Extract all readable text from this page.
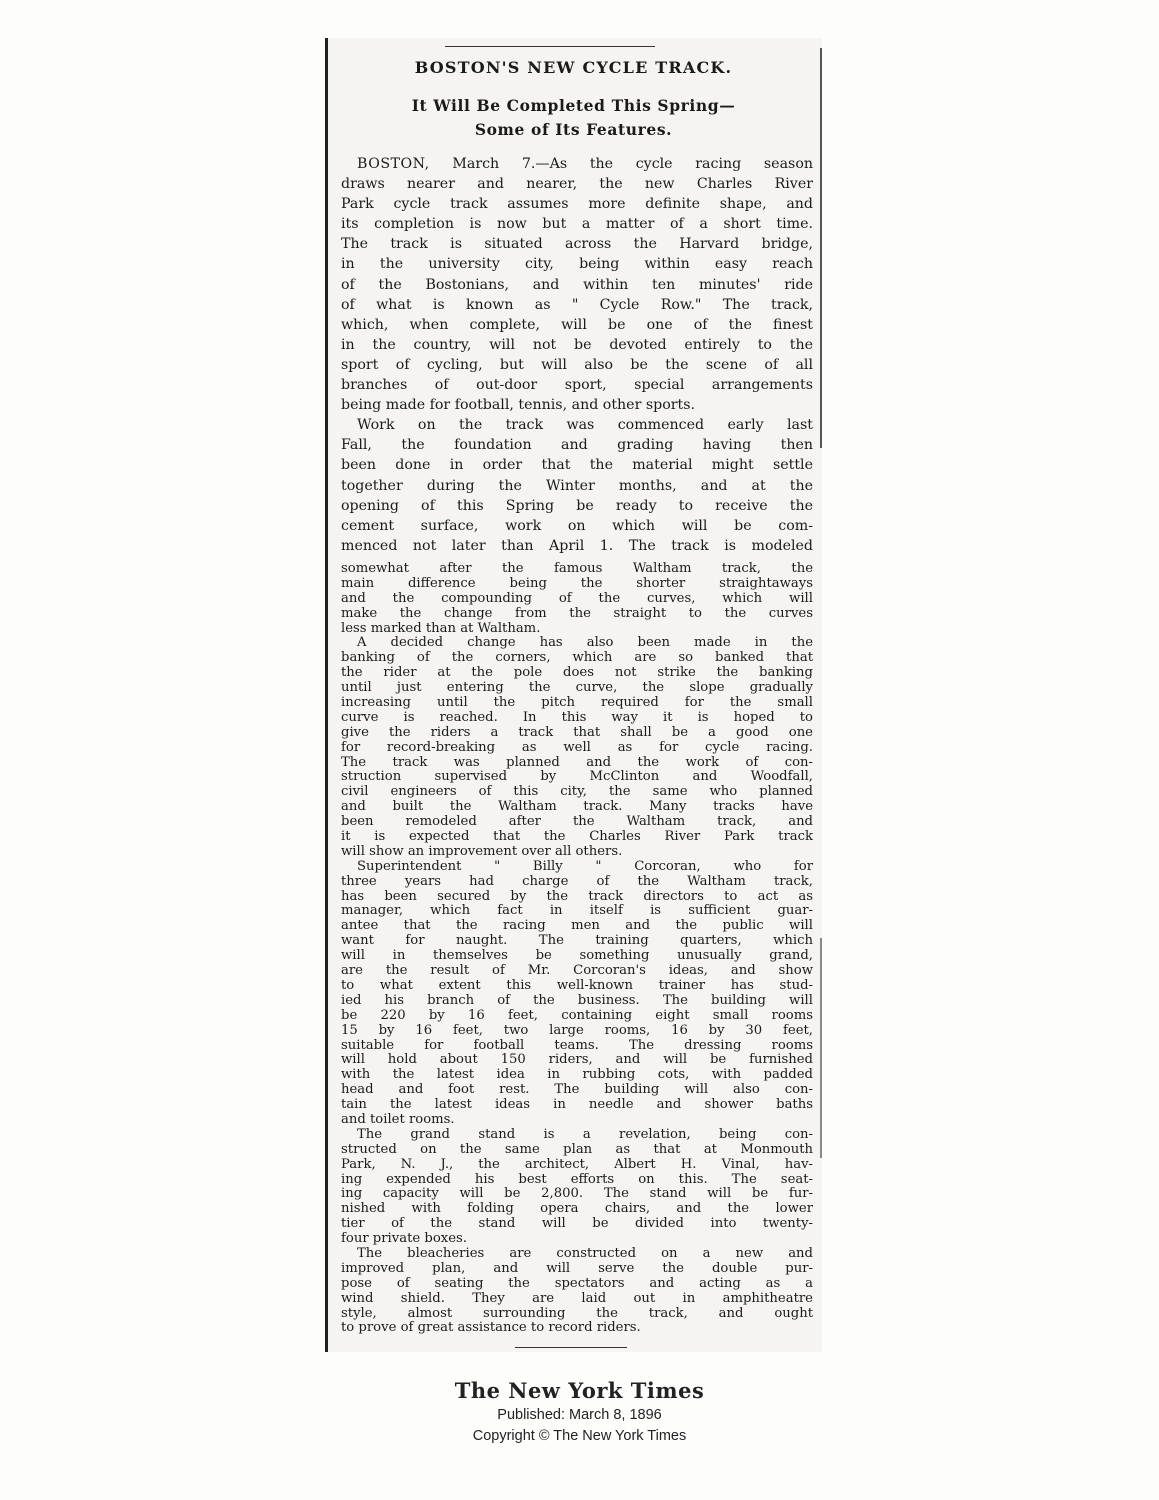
BOSTON'S NEW CYCLE TRACK.
It Will Be Completed This Spring—
Some of Its Features.
BOSTON, March 7.—As the cycle racing season
draws nearer and nearer, the new Charles River
Park cycle track assumes more definite shape, and
its completion is now but a matter of a short time.
The track is situated across the Harvard bridge,
in the university city, being within easy reach
of the Bostonians, and within ten minutes' ride
of what is known as " Cycle Row." The track,
which, when complete, will be one of the finest
in the country, will not be devoted entirely to the
sport of cycling, but will also be the scene of all
branches of out-door sport, special arrangements
being made for football, tennis, and other sports.
Work on the track was commenced early last
Fall, the foundation and grading having then
been done in order that the material might settle
together during the Winter months, and at the
opening of this Spring be ready to receive the
cement surface, work on which will be com-
menced not later than April 1. The track is modeled
somewhat after the famous Waltham track, the
main difference being the shorter straightaways
and the compounding of the curves, which will
make the change from the straight to the curves
less marked than at Waltham.
A decided change has also been made in the
banking of the corners, which are so banked that
the rider at the pole does not strike the banking
until just entering the curve, the slope gradually
increasing until the pitch required for the small
curve is reached. In this way it is hoped to
give the riders a track that shall be a good one
for record-breaking as well as for cycle racing.
The track was planned and the work of con-
struction supervised by McClinton and Woodfall,
civil engineers of this city, the same who planned
and built the Waltham track. Many tracks have
been remodeled after the Waltham track, and
it is expected that the Charles River Park track
will show an improvement over all others.
Superintendent " Billy " Corcoran, who for
three years had charge of the Waltham track,
has been secured by the track directors to act as
manager, which fact in itself is sufficient guar-
antee that the racing men and the public will
want for naught. The training quarters, which
will in themselves be something unusually grand,
are the result of Mr. Corcoran's ideas, and show
to what extent this well-known trainer has stud-
ied his branch of the business. The building will
be 220 by 16 feet, containing eight small rooms
15 by 16 feet, two large rooms, 16 by 30 feet,
suitable for football teams. The dressing rooms
will hold about 150 riders, and will be furnished
with the latest idea in rubbing cots, with padded
head and foot rest. The building will also con-
tain the latest ideas in needle and shower baths
and toilet rooms.
The grand stand is a revelation, being con-
structed on the same plan as that at Monmouth
Park, N. J., the architect, Albert H. Vinal, hav-
ing expended his best efforts on this. The seat-
ing capacity will be 2,800. The stand will be fur-
nished with folding opera chairs, and the lower
tier of the stand will be divided into twenty-
four private boxes.
The bleacheries are constructed on a new and
improved plan, and will serve the double pur-
pose of seating the spectators and acting as a
wind shield. They are laid out in amphitheatre
style, almost surrounding the track, and ought
to prove of great assistance to record riders.
The New York Times
Published: March 8, 1896
Copyright © The New York Times
